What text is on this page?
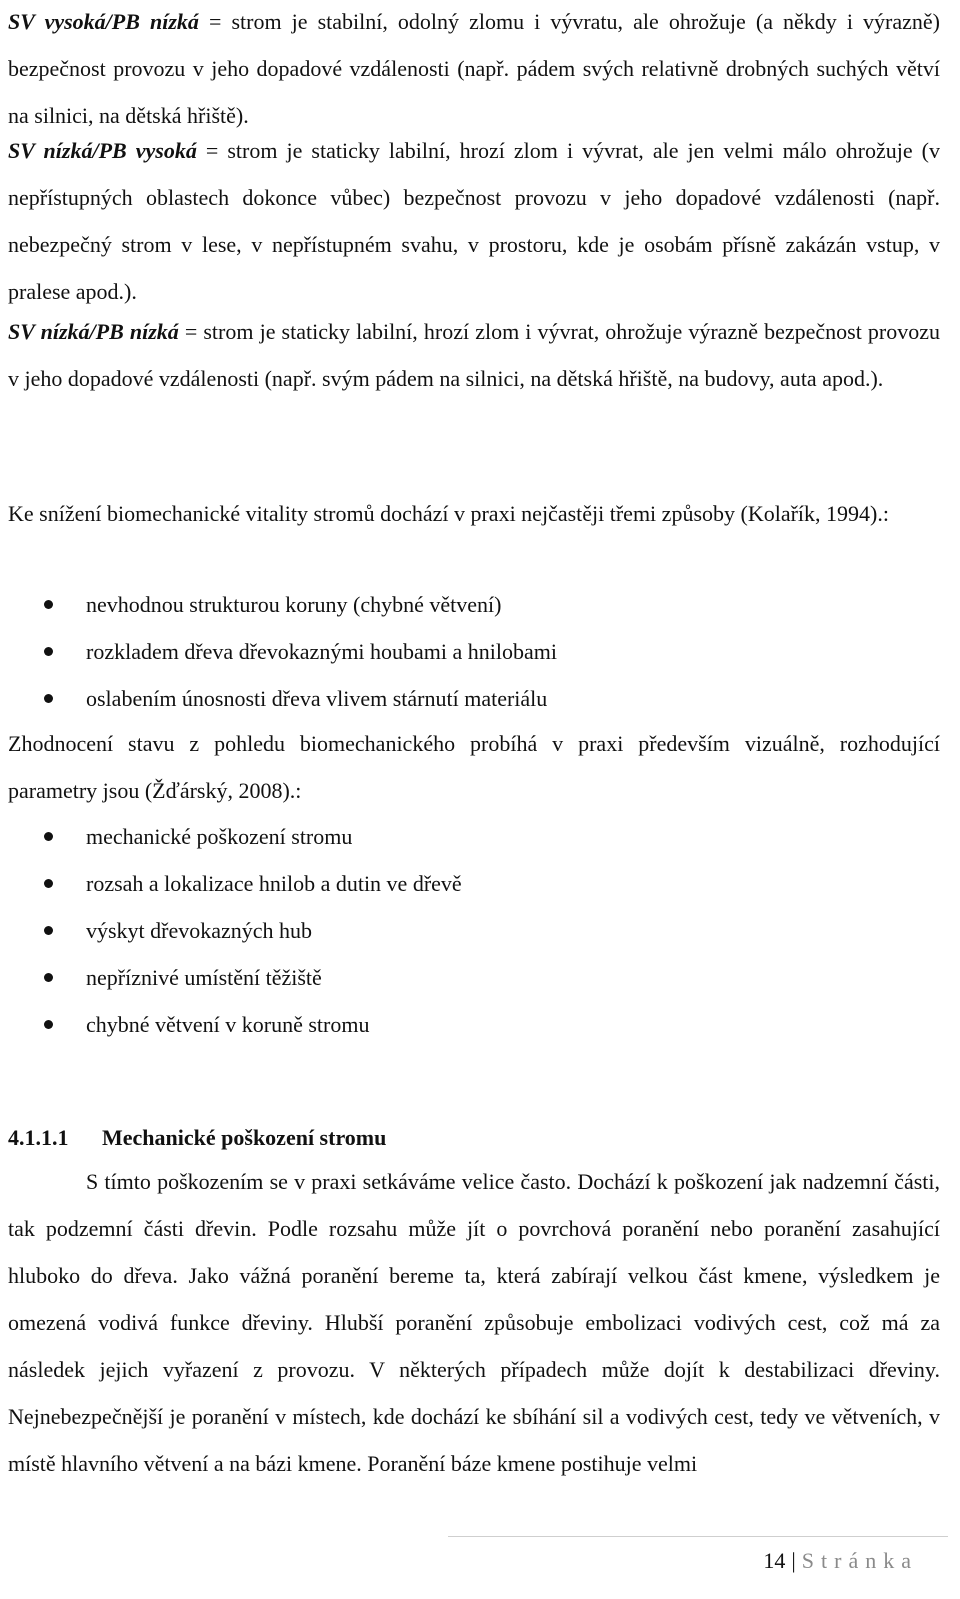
SV vysoká/PB nízká = strom je stabilní, odolný zlomu i vývratu, ale ohrožuje (a někdy i výrazně) bezpečnost provozu v jeho dopadové vzdálenosti (např. pádem svých relativně drobných suchých větví na silnici, na dětská hřiště).

SV nízká/PB vysoká = strom je staticky labilní, hrozí zlom i vývrat, ale jen velmi málo ohrožuje (v nepřístupných oblastech dokonce vůbec) bezpečnost provozu v jeho dopadové vzdálenosti (např. nebezpečný strom v lese, v nepřístupném svahu, v prostoru, kde je osobám přísně zakázán vstup, v pralese apod.).

SV nízká/PB nízká = strom je staticky labilní, hrozí zlom i vývrat, ohrožuje výrazně bezpečnost provozu v jeho dopadové vzdálenosti (např. svým pádem na silnici, na dětská hřiště, na budovy, auta apod.).

Ke snížení biomechanické vitality stromů dochází v praxi nejčastěji třemi způsoby (Kolařík, 1994).:

nevhodnou strukturou koruny (chybné větvení)
rozkladem dřeva dřevokaznými houbami a hnilobami
oslabením únosnosti dřeva vlivem stárnutí materiálu

Zhodnocení stavu z pohledu biomechanického probíhá v praxi především vizuálně, rozhodující parametry jsou (Žďárský, 2008).:

mechanické poškození stromu
rozsah a lokalizace hnilob a dutin ve dřevě
výskyt dřevokazných hub
nepříznivé umístění těžiště
chybné větvení v koruně stromu
4.1.1.1 Mechanické poškození stromu

S tímto poškozením se v praxi setkáváme velice často. Dochází k poškození jak nadzemní části, tak podzemní části dřevin. Podle rozsahu může jít o povrchová poranění nebo poranění zasahující hluboko do dřeva. Jako vážná poranění bereme ta, která zabírají velkou část kmene, výsledkem je omezená vodivá funkce dřeviny. Hlubší poranění způsobuje embolizaci vodivých cest, což má za následek jejich vyřazení z provozu. V některých případech může dojít k destabilizaci dřeviny. Nejnebezpečnější je poranění v místech, kde dochází ke sbíhání sil a vodivých cest, tedy ve větveních, v místě hlavního větvení a na bázi kmene. Poranění báze kmene postihuje velmi

14 | Stránka
